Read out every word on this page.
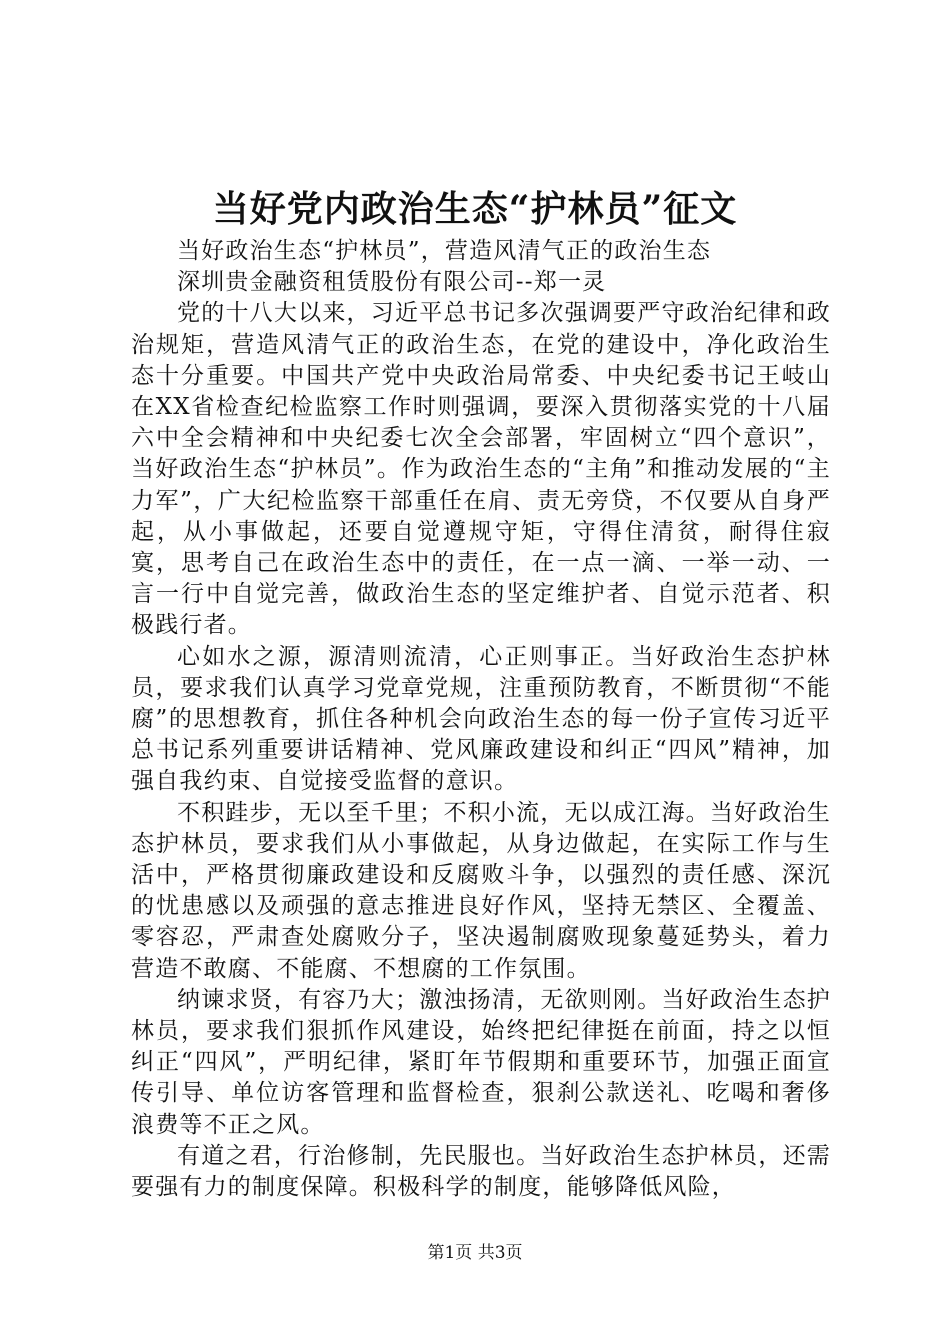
当好党内政治生态“护林员”征文

当好政治生态“护林员”，营造风清气正的政治生态

深圳贵金融资租赁股份有限公司--郑一灵

党的十八大以来，习近平总书记多次强调要严守政治纪律和政治规矩，营造风清气正的政治生态，在党的建设中，净化政治生态十分重要。中国共产党中央政治局常委、中央纪委书记王岐山在XX省检查纪检监察工作时则强调，要深入贯彻落实党的十八届六中全会精神和中央纪委七次全会部署，牢固树立“四个意识”，当好政治生态“护林员”。作为政治生态的“主角”和推动发展的“主力军”，广大纪检监察干部重任在肩、责无旁贷，不仅要从自身严起，从小事做起，还要自觉遵规守矩，守得住清贫，耐得住寂寞，思考自己在政治生态中的责任，在一点一滴、一举一动、一言一行中自觉完善，做政治生态的坚定维护者、自觉示范者、积极践行者。

心如水之源，源清则流清，心正则事正。当好政治生态护林员，要求我们认真学习党章党规，注重预防教育，不断贯彻“不能腐”的思想教育，抓住各种机会向政治生态的每一份子宣传习近平总书记系列重要讲话精神、党风廉政建设和纠正“四风”精神，加强自我约束、自觉接受监督的意识。

不积跬步，无以至千里；不积小流，无以成江海。当好政治生态护林员，要求我们从小事做起，从身边做起，在实际工作与生活中，严格贯彻廉政建设和反腐败斗争，以强烈的责任感、深沉的忧患感以及顽强的意志推进良好作风，坚持无禁区、全覆盖、零容忍，严肃查处腐败分子，坚决遏制腐败现象蔓延势头，着力营造不敢腐、不能腐、不想腐的工作氛围。

纳谏求贤，有容乃大；激浊扬清，无欲则刚。当好政治生态护林员，要求我们狠抓作风建设，始终把纪律挺在前面，持之以恒纠正“四风”，严明纪律，紧盯年节假期和重要环节，加强正面宣传引导、单位访客管理和监督检查，狠刹公款送礼、吃喝和奢侈浪费等不正之风。

有道之君，行治修制，先民服也。当好政治生态护林员，还需要强有力的制度保障。积极科学的制度，能够降低风险，

第1页 共3页
